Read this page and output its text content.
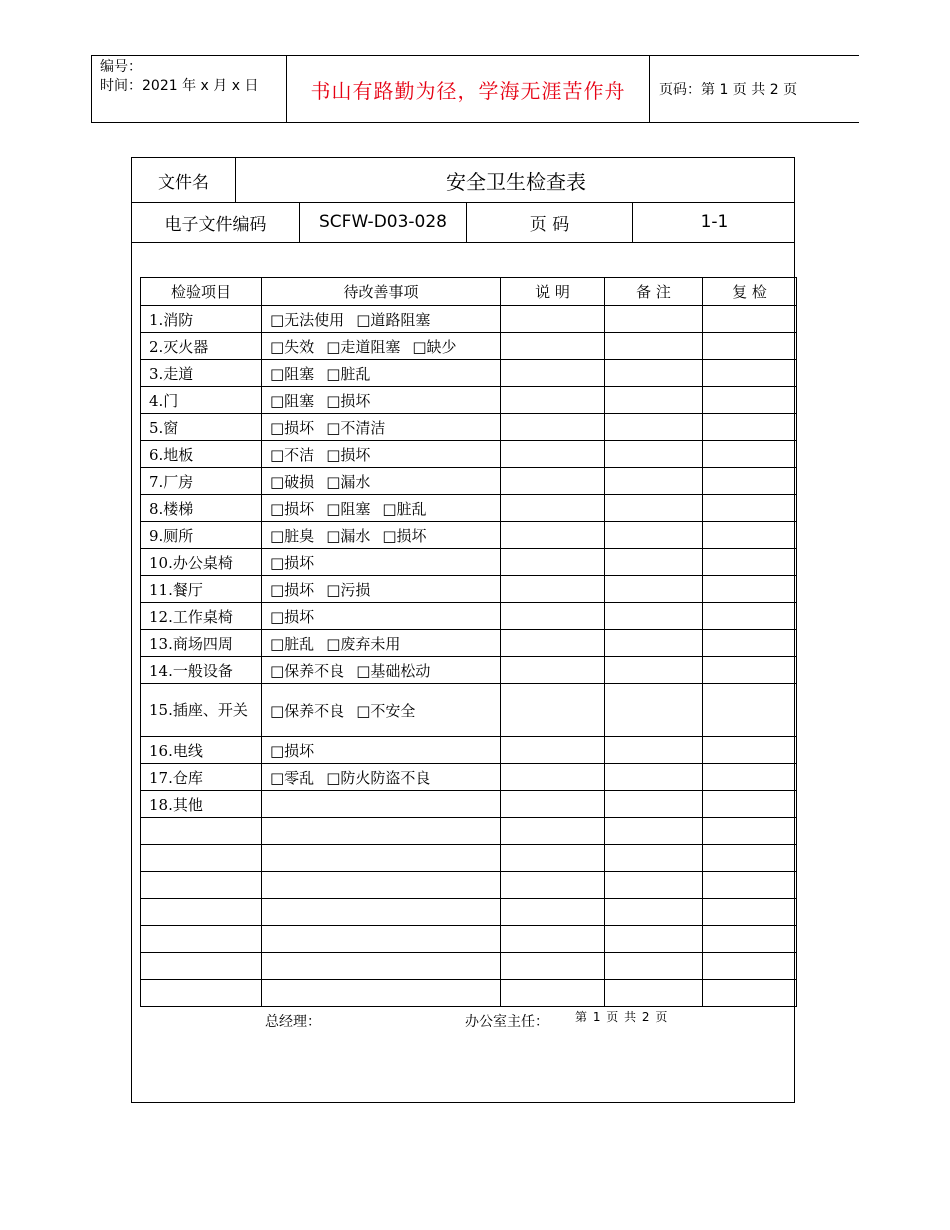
编号：
时间：2021 年 x 月 x 日	书山有路勤为径，学海无涯苦作舟	页码：第 1 页 共 2 页
文件名	安全卫生检查表
电子文件编码	SCFW-D03-028	页 码	1-1
检验项目	待改善事项	说 明	备 注	复 检
1.消防	□无法使用 □道路阻塞			
2.灭火器	□失效 □走道阻塞 □缺少			
3.走道	□阻塞 □脏乱			
4.门	□阻塞 □损坏			
5.窗	□损坏 □不清洁			
6.地板	□不洁 □损坏			
7.厂房	□破损 □漏水			
8.楼梯	□损坏 □阻塞 □脏乱			
9.厕所	□脏臭 □漏水 □损坏			
10.办公桌椅	□损坏			
11.餐厅	□损坏 □污损			
12.工作桌椅	□损坏			
13.商场四周	□脏乱 □废弃未用			
14.一般设备	□保养不良 □基础松动			
15.插座、开关	□保养不良 □不安全			
16.电线	□损坏			
17.仓库	□零乱 □防火防盗不良			
18.其他				

总经理：	办公室主任： 第 1 页 共 2 页
